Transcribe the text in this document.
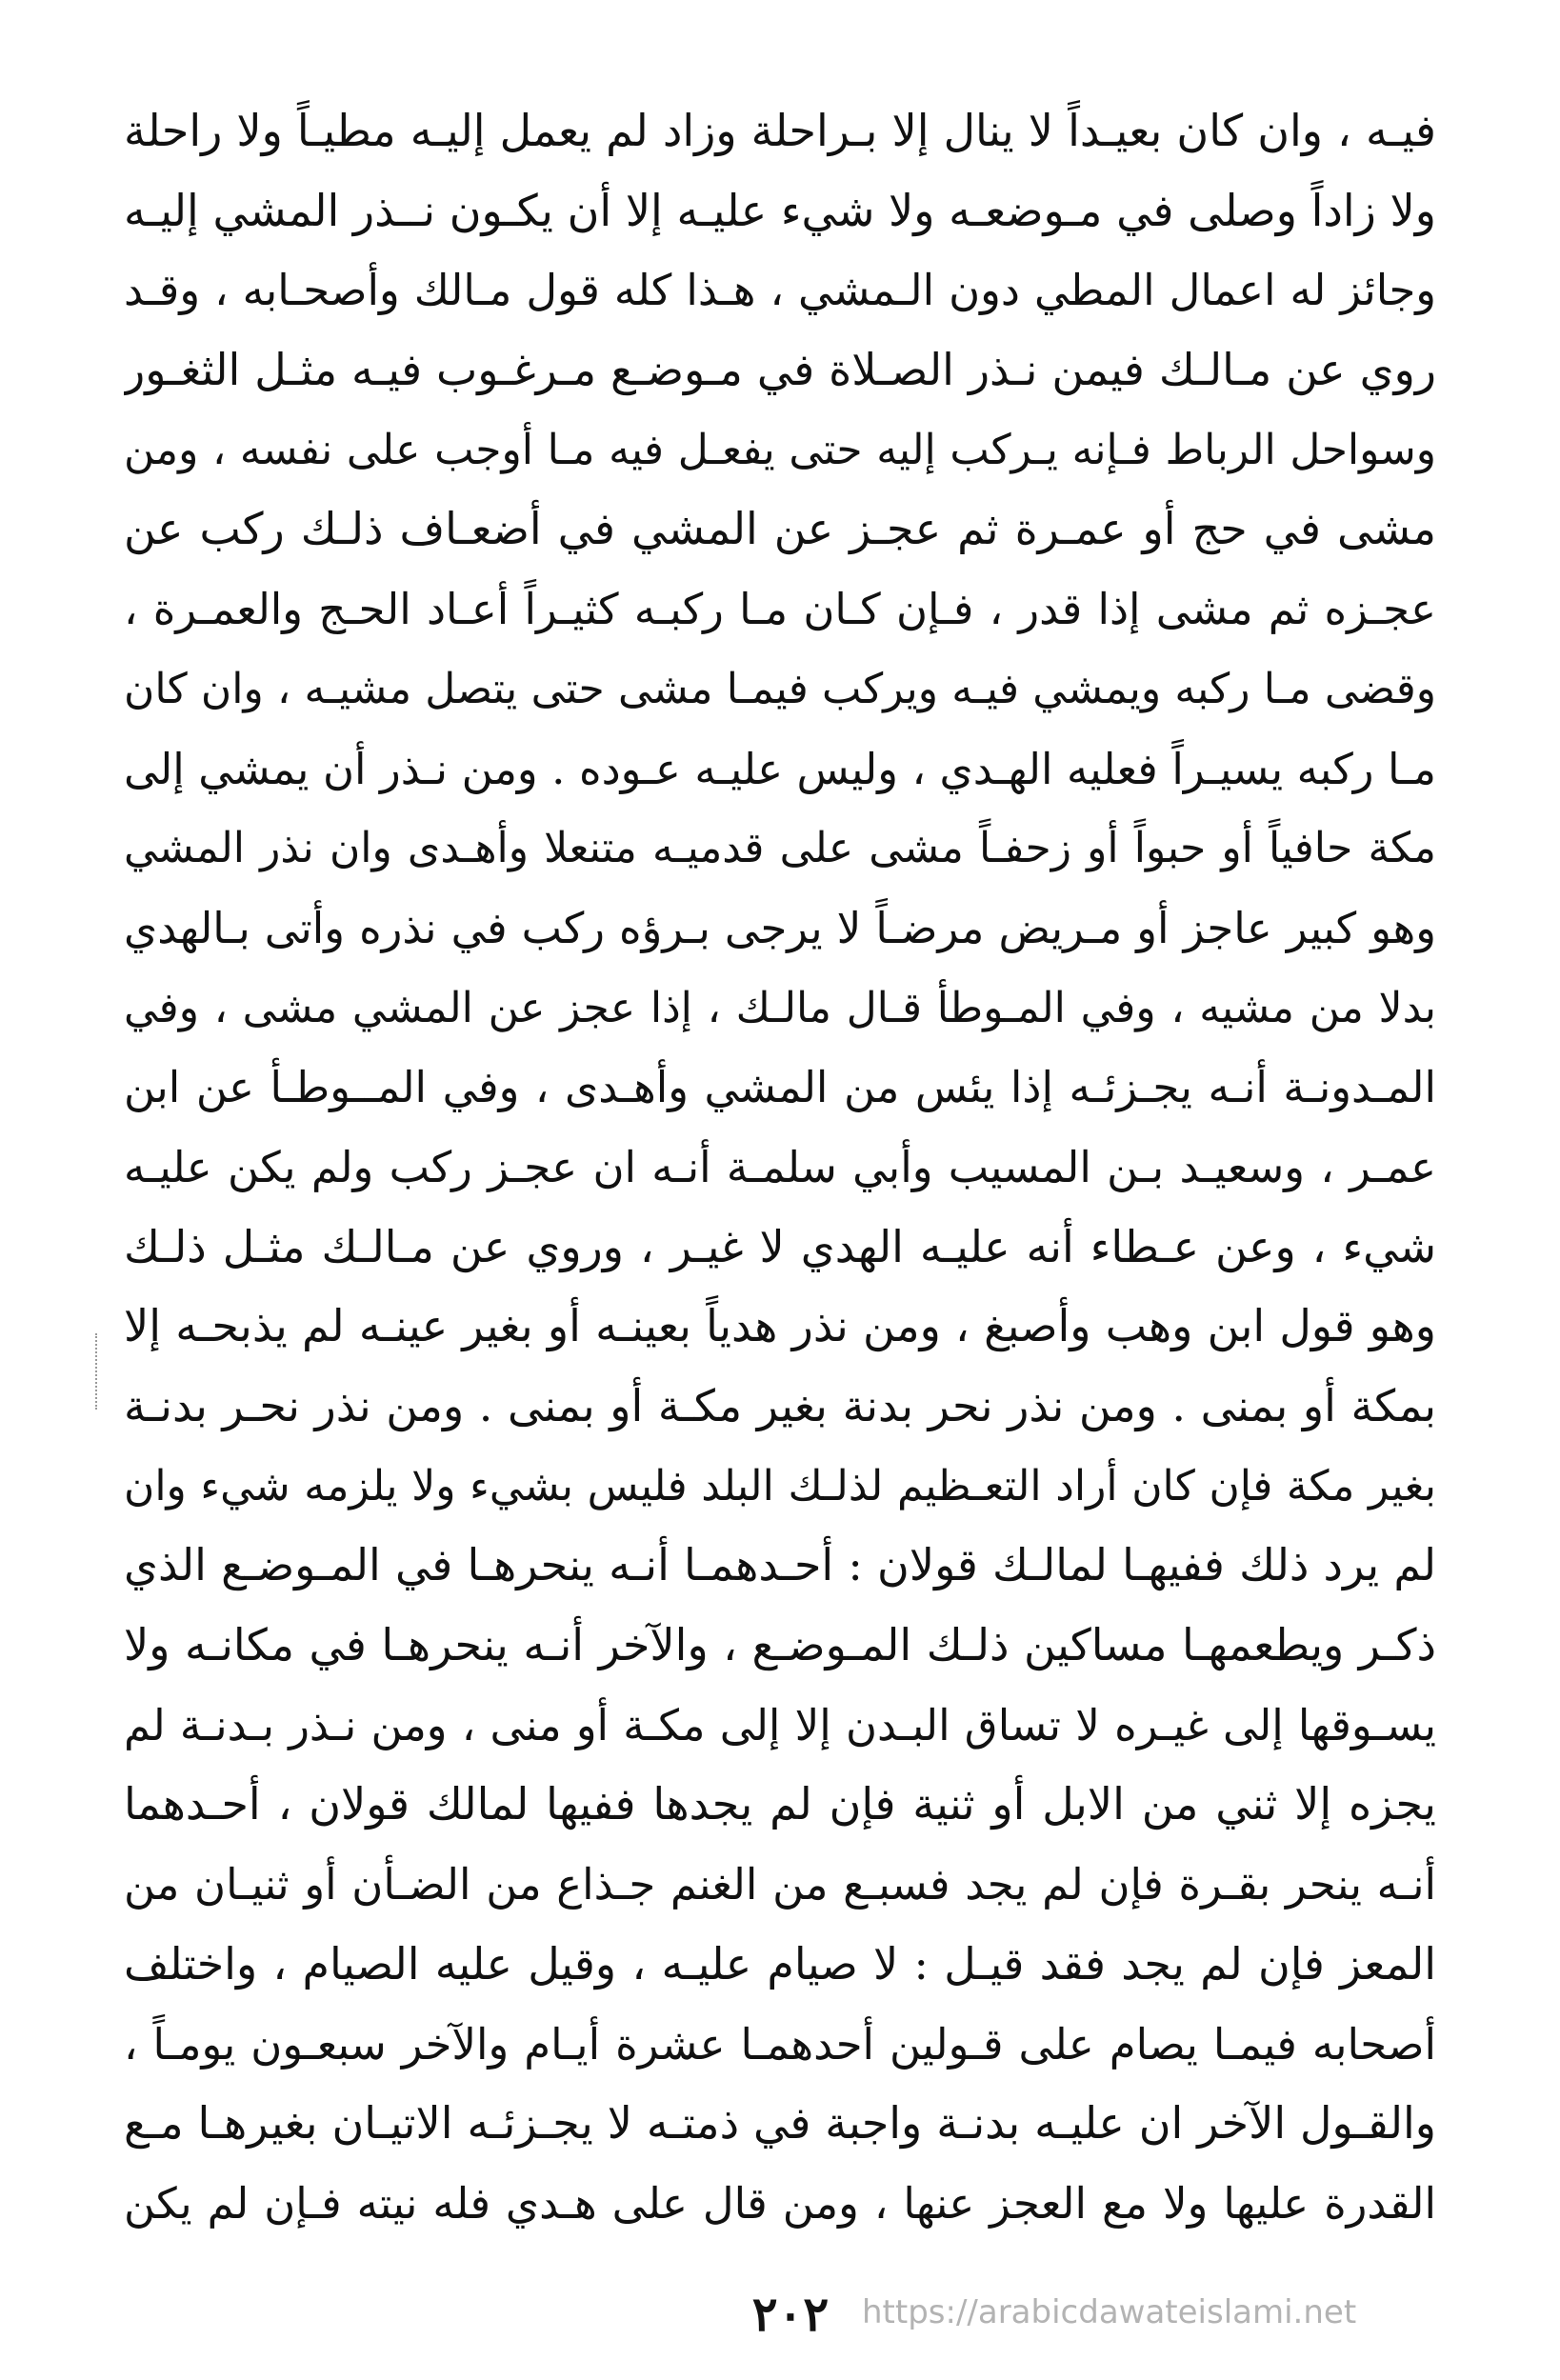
فيـه ، وان كان بعيـداً لا ينال إلا بـراحلة وزاد لم يعمل إليـه مطيـاً ولا راحلة
ولا زاداً وصلى في مـوضعـه ولا شيء عليـه إلا أن يكـون نــذر المشي إليـه
وجائز له اعمال المطي دون الـمشي ، هـذا كله قول مـالك وأصحـابه ، وقـد
روي عن مـالـك فيمن نـذر الصـلاة في مـوضـع مـرغـوب فيـه مثـل الثغـور
وسواحل الرباط فـإنه يـركب إليه حتى يفعـل فيه مـا أوجب على نفسه ، ومن
مشى في حج أو عمـرة ثم عجـز عن المشي في أضعـاف ذلـك ركب عن
عجـزه ثم مشى إذا قدر ، فـإن كـان مـا ركبـه كثيـراً أعـاد الحـج والعمـرة ،
وقضى مـا ركبه ويمشي فيـه ويركب فيمـا مشى حتى يتصل مشيـه ، وان كان
مـا ركبه يسيـراً فعليه الهـدي ، وليس عليـه عـوده . ومن نـذر أن يمشي إلى
مكة حافياً أو حبواً أو زحفـاً مشى على قدميـه متنعلا وأهـدى وان نذر المشي
وهو كبير عاجز أو مـريض مرضـاً لا يرجى بـرؤه ركب في نذره وأتى بـالهدي
بدلا من مشيه ، وفي المـوطأ قـال مالـك ، إذا عجز عن المشي مشى ، وفي
المـدونـة أنـه يجـزئـه إذا يئس من المشي وأهـدى ، وفي المــوطـأ عن ابن
عمـر ، وسعيـد بـن المسيب وأبي سلمـة أنـه ان عجـز ركب ولم يكن عليـه
شيء ، وعن عـطاء أنه عليـه الهدي لا غيـر ، وروي عن مـالـك مثـل ذلـك
وهو قول ابن وهب وأصبغ ، ومن نذر هدياً بعينـه أو بغير عينـه لم يذبحـه إلا
بمكة أو بمنى . ومن نذر نحر بدنة بغير مكـة أو بمنى . ومن نذر نحـر بدنـة
بغير مكة فإن كان أراد التعـظيم لذلـك البلد فليس بشيء ولا يلزمه شيء وان
لم يرد ذلك ففيهـا لمالـك قولان : أحـدهمـا أنـه ينحرهـا في المـوضـع الذي
ذكـر ويطعمهـا مساكين ذلـك المـوضـع ، والآخر أنـه ينحرهـا في مكانـه ولا
يسـوقها إلى غيـره لا تساق البـدن إلا إلى مكـة أو منى ، ومن نـذر بـدنـة لم
يجزه إلا ثني من الابل أو ثنية فإن لم يجدها ففيها لمالك قولان ، أحـدهما
أنـه ينحر بقـرة فإن لم يجد فسبـع من الغنم جـذاع من الضـأن أو ثنيـان من
المعز فإن لم يجد فقد قيـل : لا صيام عليـه ، وقيل عليه الصيام ، واختلف
أصحابه فيمـا يصام على قـولين أحدهمـا عشرة أيـام والآخر سبعـون يومـاً ،
والقـول الآخر ان عليـه بدنـة واجبة في ذمتـه لا يجـزئـه الاتيـان بغيرهـا مـع
القدرة عليها ولا مع العجز عنها ، ومن قال على هـدي فله نيته فـإن لم يكن
٢٠٢	https://arabicdawateislami.net
